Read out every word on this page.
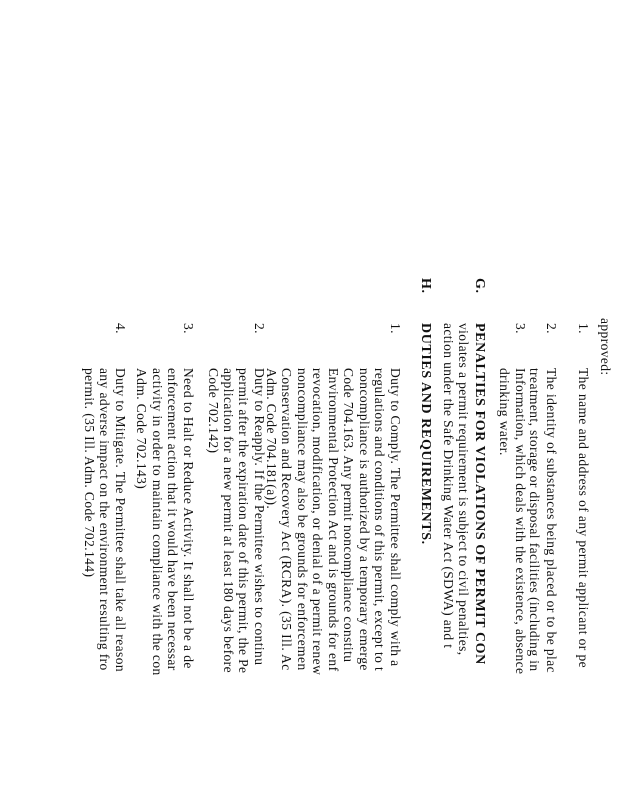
approved:
1.
The name and address of any permit applicant or pe
2.
The identity of substances being placed or to be plac
treatment, storage or disposal facilities (including in
3.
Information, which deals with the existence, absence
drinking water.
G.
PENALTIES FOR VIOLATIONS OF PERMIT CON
violates a permit requirement is subject to civil penalties,
action under the Safe Drinking Water Act (SDWA) and t
H.
DUTIES AND REQUIREMENTS.
1.
Duty to Comply. The Permittee shall comply with a
regulations and conditions of this permit, except to t
noncompliance is authorized by a temporary emerge
Code 704.163. Any permit noncompliance constitu
Environmental Protection Act and is grounds for enf
revocation, modification, or denial of a permit renew
noncompliance may also be grounds for enforcemen
Conservation and Recovery Act (RCRA). (35 Ill. Ac
Adm. Code 704.181(a)).
2.
Duty to Reapply. If the Permittee wishes to continu
permit after the expiration date of this permit, the Pe
application for a new permit at least 180 days before
Code 702.142)
3.
Need to Halt or Reduce Activity. It shall not be a de
enforcement action that it would have been necessar
activity in order to maintain compliance with the con
Adm. Code 702.143)
4.
Duty to Mitigate. The Permittee shall take all reason
any adverse impact on the environment resulting fro
permit. (35 Ill. Adm. Code 702.144)
